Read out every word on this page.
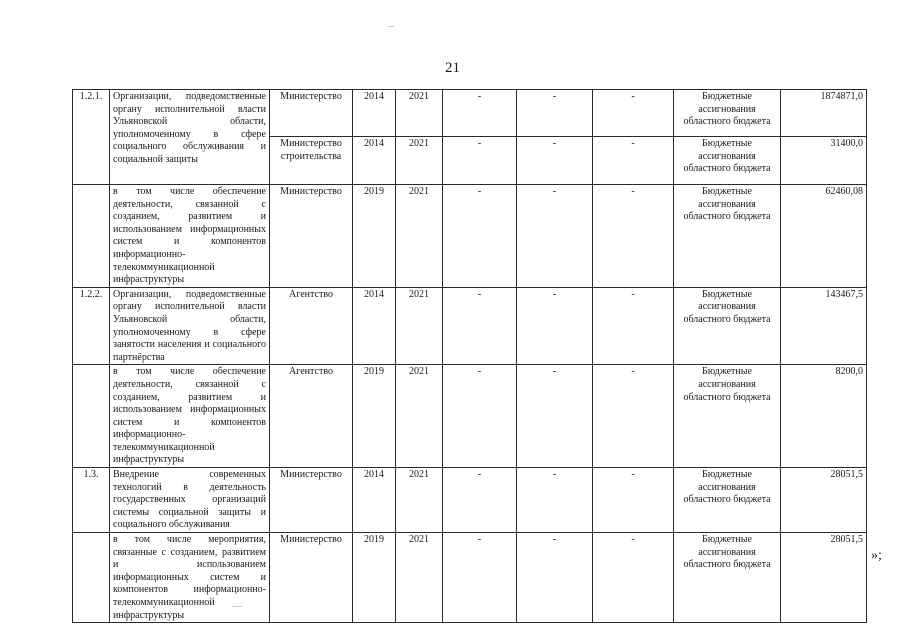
21
1.2.1.	Организации, подведомственные органу исполнительной власти Ульяновской области, уполномоченному в сфере социального обслуживания и социальной защиты	Министерство	2014	2021	-	-	-	Бюджетные ассигнования областного бюджета	1874871,0
		Министерство строительства	2014	2021	-	-	-	Бюджетные ассигнования областного бюджета	31400,0
	в том числе обеспечение деятельности, связанной с созданием, развитием и использованием информационных систем и компонентов информационно-телекоммуникационной инфраструктуры	Министерство	2019	2021	-	-	-	Бюджетные ассигнования областного бюджета	62460,08
1.2.2.	Организации, подведомственные органу исполнительной власти Ульяновской области, уполномоченному в сфере занятости населения и социального партнёрства	Агентство	2014	2021	-	-	-	Бюджетные ассигнования областного бюджета	143467,5
	в том числе обеспечение деятельности, связанной с созданием, развитием и использованием информационных систем и компонентов информационно-телекоммуникационной инфраструктуры	Агентство	2019	2021	-	-	-	Бюджетные ассигнования областного бюджета	8200,0
1.3.	Внедрение современных технологий в деятельность государственных организаций системы социальной защиты и социального обслуживания	Министерство	2014	2021	-	-	-	Бюджетные ассигнования областного бюджета	28051,5
	в том числе мероприятия, связанные с созданием, развитием и использованием информационных систем и компонентов информационно-телекоммуникационной инфраструктуры	Министерство	2019	2021	-	-	-	Бюджетные ассигнования областного бюджета	28051,5
»;
